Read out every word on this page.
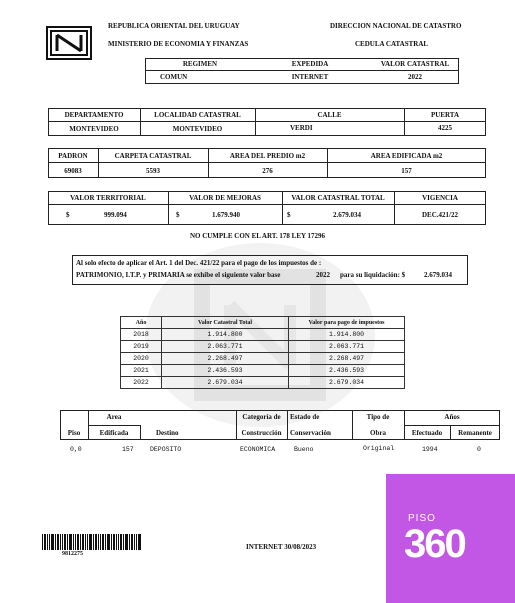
REPUBLICA ORIENTAL DEL URUGUAY
MINISTERIO DE ECONOMIA Y FINANZAS
DIRECCION NACIONAL DE CATASTRO
CEDULA CATASTRAL
REGIMEN	EXPEDIDA	VALOR CATASTRAL
COMUN	INTERNET	2022
DEPARTAMENTO	LOCALIDAD CATASTRAL	CALLE	PUERTA
MONTEVIDEO	MONTEVIDEO	VERDI	4225
PADRON	CARPETA CATASTRAL	AREA DEL PREDIO m2	AREA EDIFICADA m2
69083	5593	276	157
VALOR TERRITORIAL	VALOR DE MEJORAS	VALOR CATASTRAL TOTAL	VIGENCIA
$	999.094	$	1.679.940	$	2.679.034	DEC.421/22
NO CUMPLE CON EL ART. 178 LEY 17296
Al solo efecto de aplicar el Art. 1 del Dec. 421/22 para el pago de los impuestos de :
PATRIMONIO, I.T.P. y PRIMARIA se exhibe el siguiente valor base	2022 para su liquidación: $	2.679.034
Año	Valor Catastral Total	Valor para pago de impuestos
2018	1.914.800	1.914.800
2019	2.063.771	2.063.771
2020	2.268.497	2.268.497
2021	2.436.593	2.436.593
2022	2.679.034	2.679.034
Area	Categoría de	Estado de	Tipo de	Años
Piso	Edificada	Destino	Construcción	Conservación	Obra	Efectuado	Remanente
0,0	157	DEPOSITO	ECONOMICA	Bueno	Original	1994	0
9812275
INTERNET 30/08/2023
PISO
360
